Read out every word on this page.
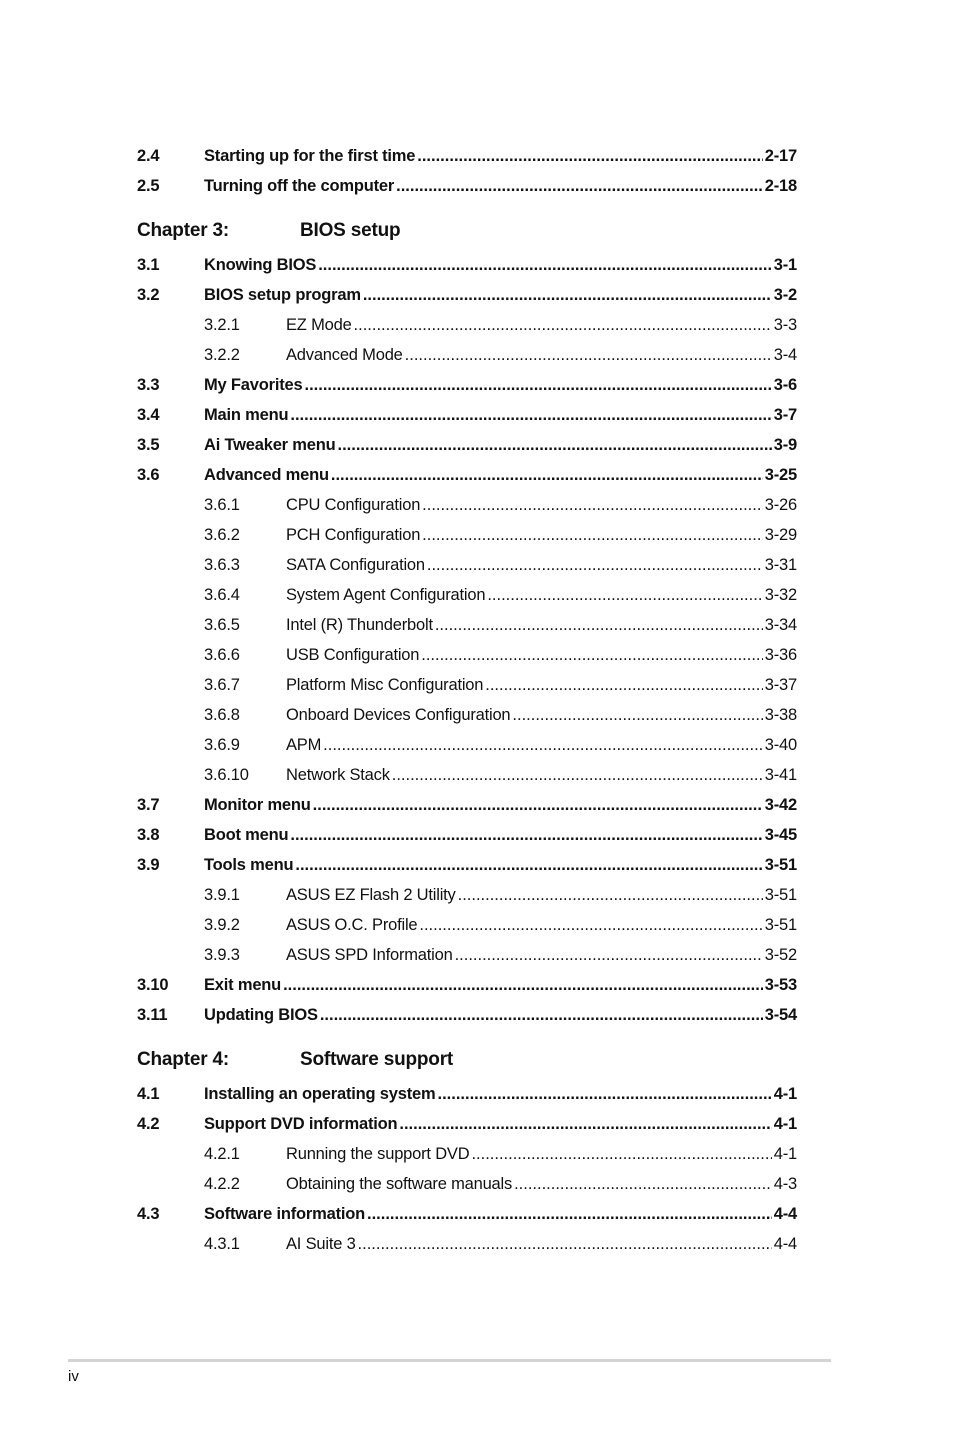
2.4	Starting up for the first time .....	2-17
2.5	Turning off the computer .....	2-18
Chapter 3:	BIOS setup
3.1	Knowing BIOS .....	3-1
3.2	BIOS setup program .....	3-2
3.2.1	EZ Mode .....	3-3
3.2.2	Advanced Mode .....	3-4
3.3	My Favorites .....	3-6
3.4	Main menu .....	3-7
3.5	Ai Tweaker menu .....	3-9
3.6	Advanced menu .....	3-25
3.6.1	CPU Configuration .....	3-26
3.6.2	PCH Configuration .....	3-29
3.6.3	SATA Configuration .....	3-31
3.6.4	System Agent Configuration .....	3-32
3.6.5	Intel (R) Thunderbolt .....	3-34
3.6.6	USB Configuration .....	3-36
3.6.7	Platform Misc Configuration .....	3-37
3.6.8	Onboard Devices Configuration .....	3-38
3.6.9	APM .....	3-40
3.6.10	Network Stack .....	3-41
3.7	Monitor menu .....	3-42
3.8	Boot menu .....	3-45
3.9	Tools menu .....	3-51
3.9.1	ASUS EZ Flash 2 Utility .....	3-51
3.9.2	ASUS O.C. Profile .....	3-51
3.9.3	ASUS SPD Information .....	3-52
3.10	Exit menu .....	3-53
3.11	Updating BIOS .....	3-54
Chapter 4:	Software support
4.1	Installing an operating system .....	4-1
4.2	Support DVD information .....	4-1
4.2.1	Running the support DVD .....	4-1
4.2.2	Obtaining the software manuals .....	4-3
4.3	Software information .....	4-4
4.3.1	AI Suite 3 .....	4-4
iv
